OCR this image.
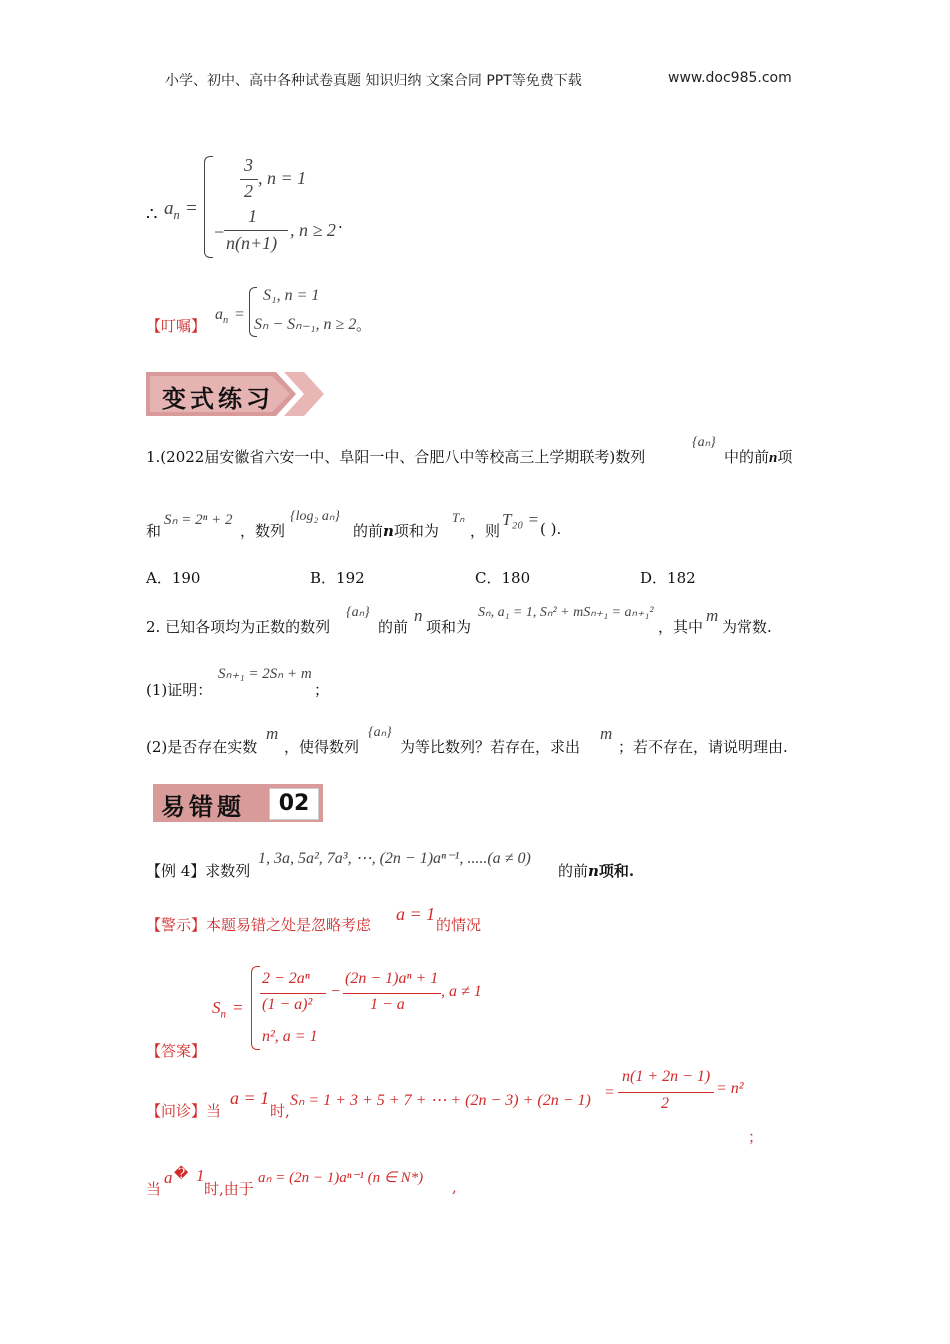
小学、初中、高中各种试卷真题 知识归纳 文案合同 PPT等免费下载	www.doc985.com
∴ $a_n$ =
3
2
, n = 1
−
1
n(n+1)
, n ≥ 2 .
【叮嘱】
$a_n$ =
S₁, n = 1
Sₙ − Sₙ₋₁, n ≥ 2 。
变式练习
1.(2022届安徽省六安一中、阜阳一中、合肥八中等校高三上学期联考)数列
{aₙ}
中的前n项
和
Sₙ = 2ⁿ + 2
，数列
{log₂ aₙ}
的前n项和为
Tₙ
，则
T₂₀ = ( ).
A．190	B．192	C．180	D．182
2. 已知各项均为正数的数列
{aₙ}
的前
n
项和为
Sₙ, a₁ = 1, Sₙ² + mSₙ₊₁ = aₙ₊₁²
，其中
m
为常数.
(1)证明：
Sₙ₊₁ = 2Sₙ + m
；
(2)是否存在实数
m
，使得数列
{aₙ}
为等比数列？若存在，求出
m
；若不存在，请说明理由.
易错题	02
【例 4】求数列
1, 3a, 5a², 7a³, ⋯, (2n − 1)aⁿ⁻¹, .....(a ≠ 0)
的前n项和.
【警示】本题易错之处是忽略考虑
a = 1
的情况
【答案】
$S_n$ =
2 − 2aⁿ
(1 − a)²
−
(2n − 1)aⁿ + 1
1 − a
, a ≠ 1
n², a = 1
【问诊】当
a = 1
时,
Sₙ = 1 + 3 + 5 + 7 + ⋯ + (2n − 3) + (2n − 1) =
n(1 + 2n − 1)
2
= n²
；
当
a � 1
时,由于
aₙ = (2n − 1)aⁿ⁻¹ (n ∈ N*) ,
